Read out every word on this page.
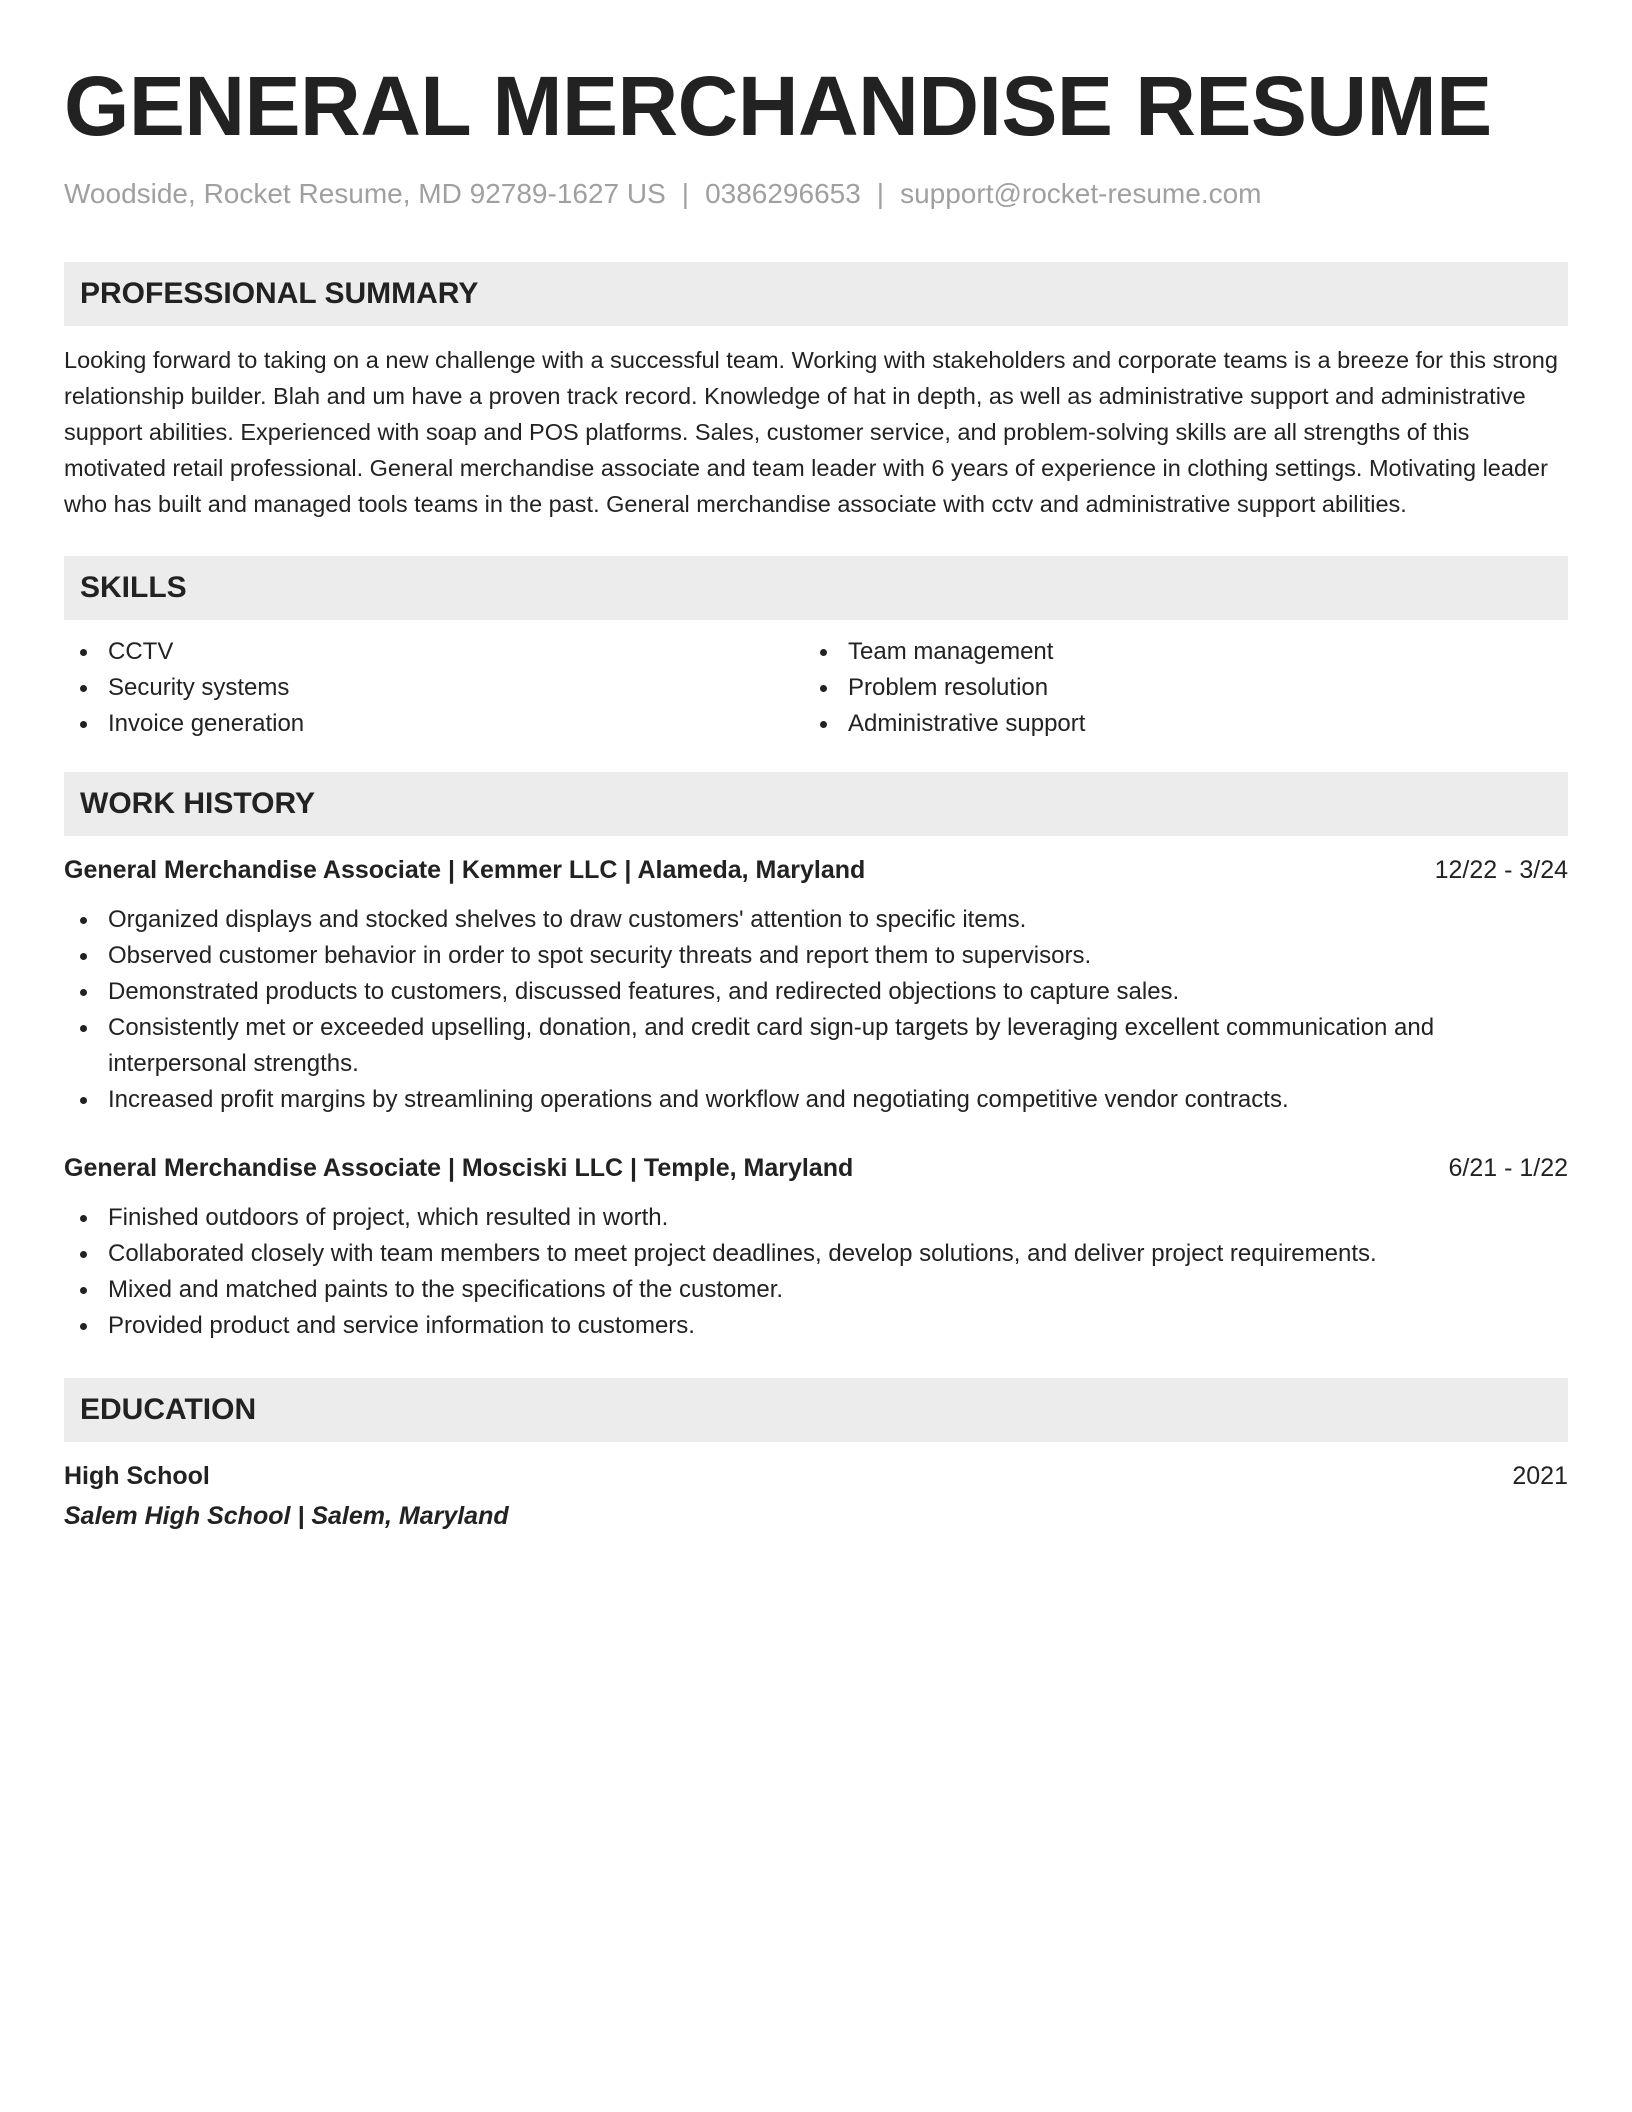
GENERAL MERCHANDISE RESUME
Woodside, Rocket Resume, MD 92789-1627 US | 0386296653 | support@rocket-resume.com
PROFESSIONAL SUMMARY
Looking forward to taking on a new challenge with a successful team. Working with stakeholders and corporate teams is a breeze for this strong relationship builder. Blah and um have a proven track record. Knowledge of hat in depth, as well as administrative support and administrative support abilities. Experienced with soap and POS platforms. Sales, customer service, and problem-solving skills are all strengths of this motivated retail professional. General merchandise associate and team leader with 6 years of experience in clothing settings. Motivating leader who has built and managed tools teams in the past. General merchandise associate with cctv and administrative support abilities.
SKILLS
CCTV
Security systems
Invoice generation
Team management
Problem resolution
Administrative support
WORK HISTORY
General Merchandise Associate | Kemmer LLC | Alameda, Maryland	12/22 - 3/24
Organized displays and stocked shelves to draw customers' attention to specific items.
Observed customer behavior in order to spot security threats and report them to supervisors.
Demonstrated products to customers, discussed features, and redirected objections to capture sales.
Consistently met or exceeded upselling, donation, and credit card sign-up targets by leveraging excellent communication and interpersonal strengths.
Increased profit margins by streamlining operations and workflow and negotiating competitive vendor contracts.
General Merchandise Associate | Mosciski LLC | Temple, Maryland	6/21 - 1/22
Finished outdoors of project, which resulted in worth.
Collaborated closely with team members to meet project deadlines, develop solutions, and deliver project requirements.
Mixed and matched paints to the specifications of the customer.
Provided product and service information to customers.
EDUCATION
High School	2021
Salem High School | Salem, Maryland
